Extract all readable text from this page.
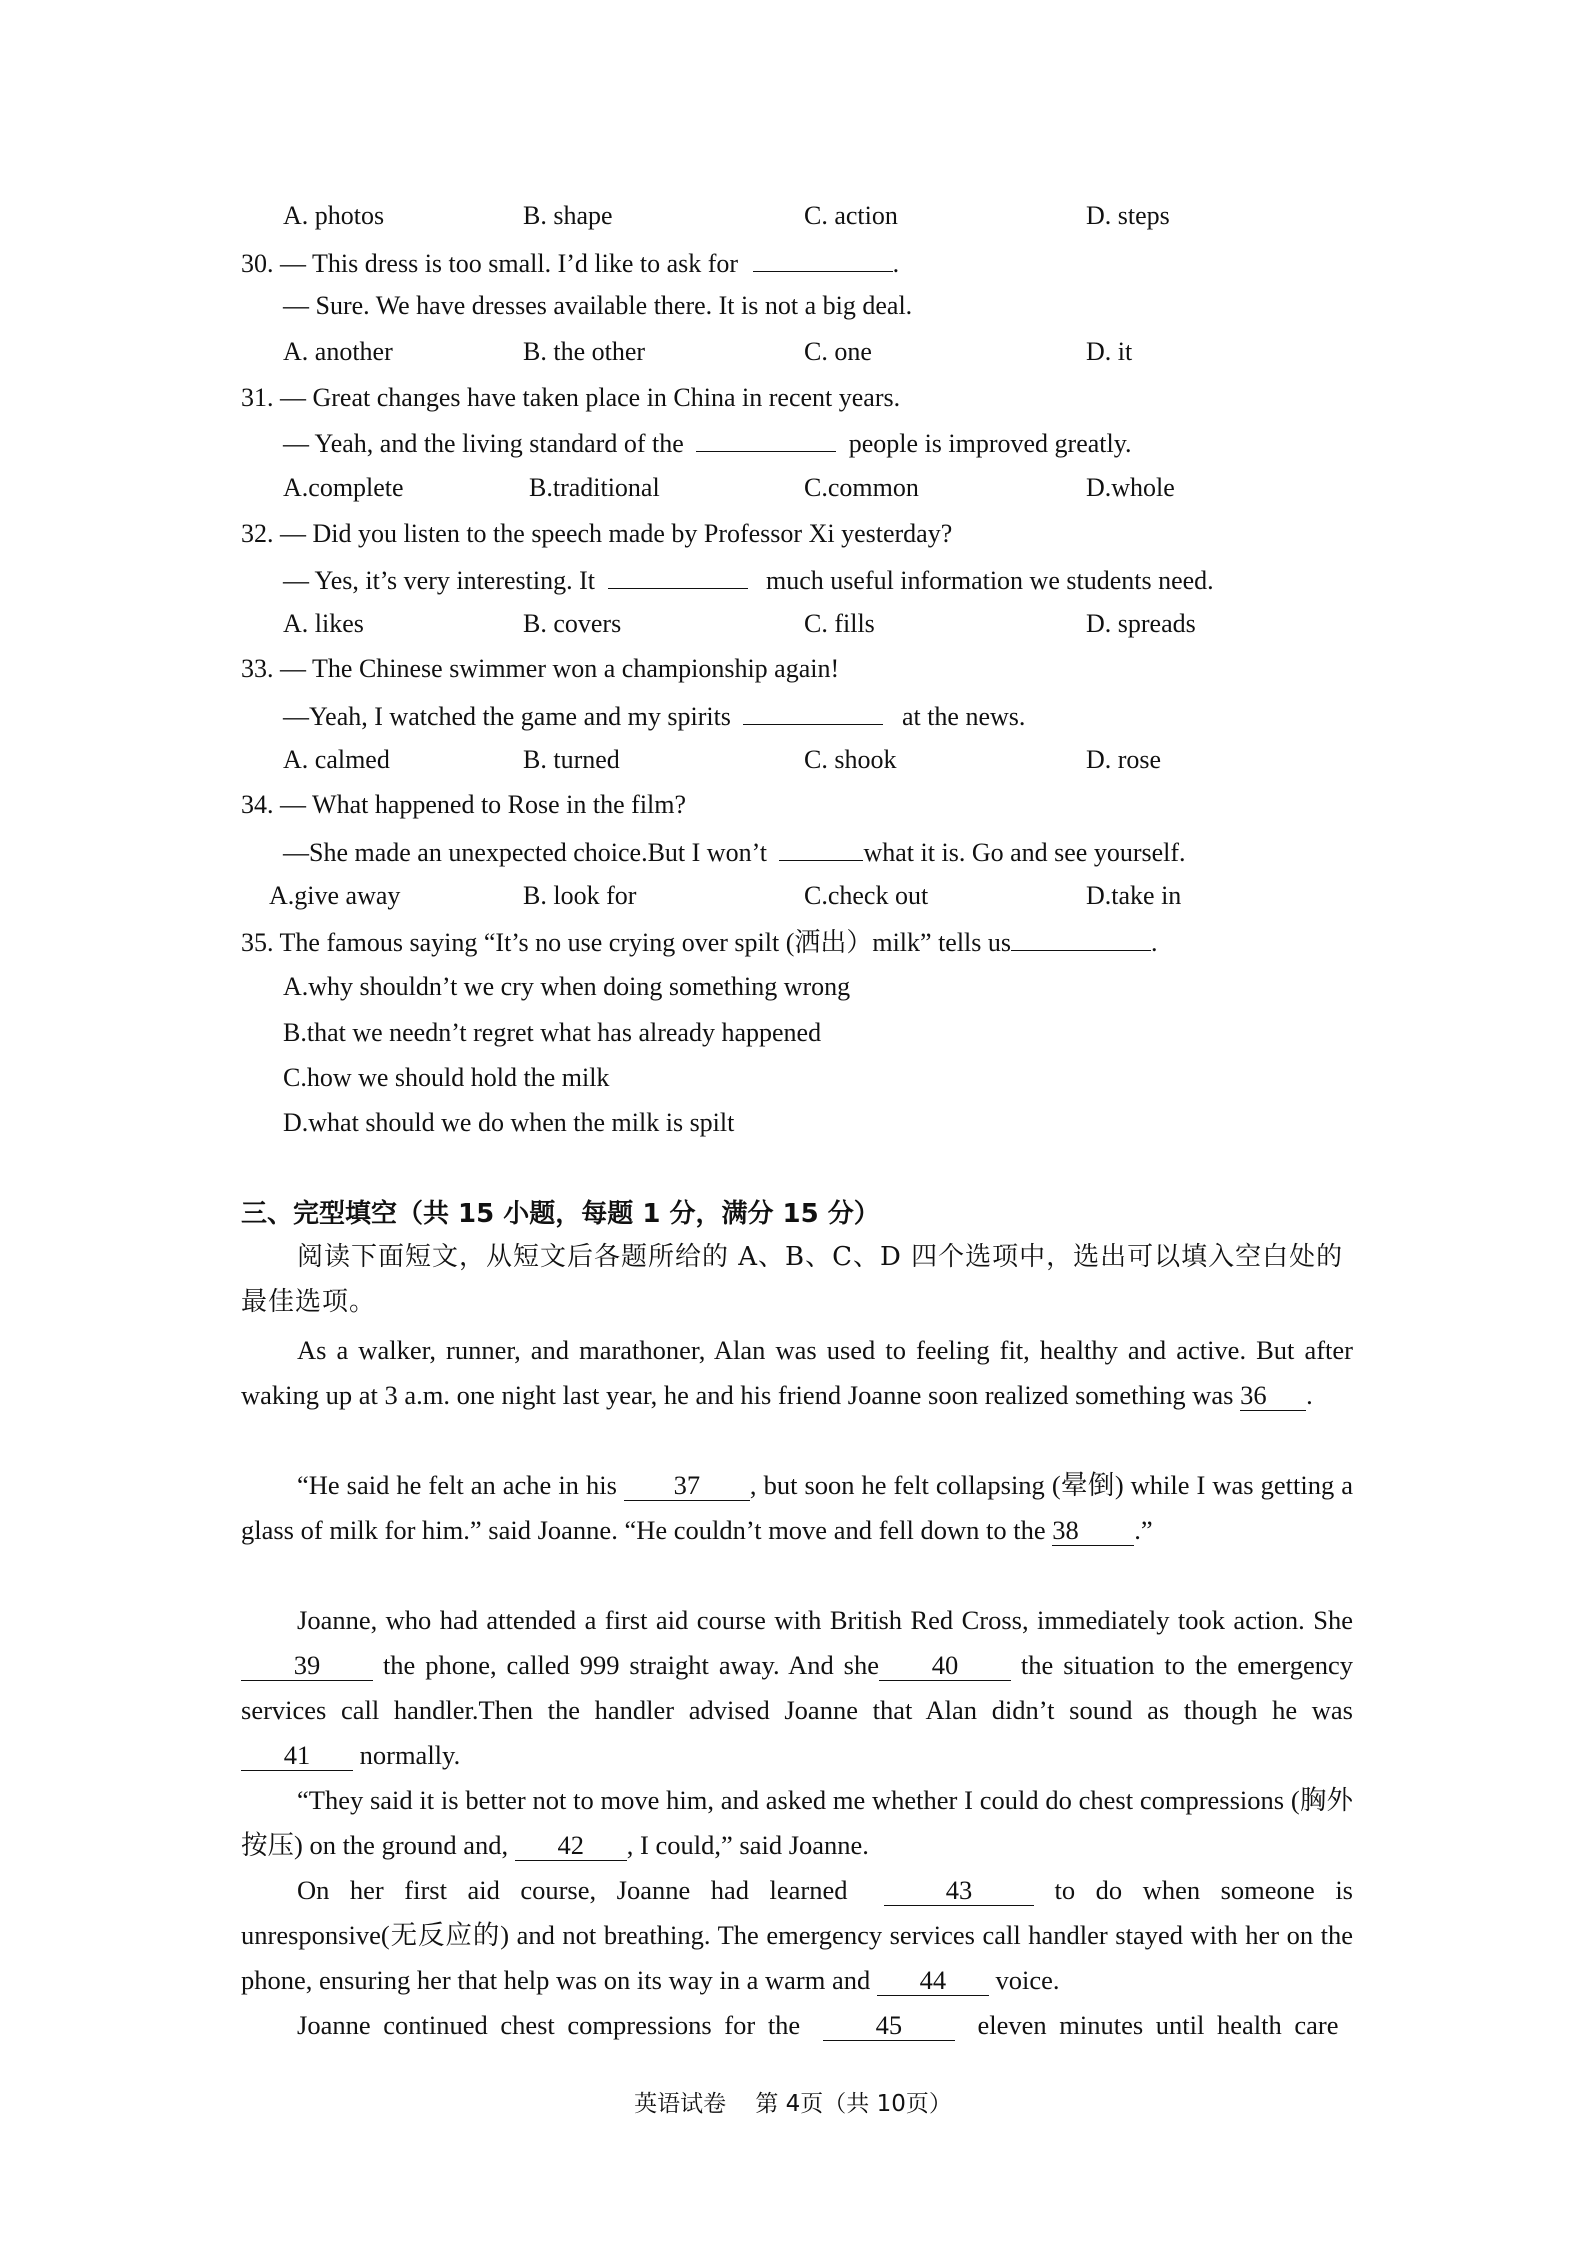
A. photos	B. shape	C. action	D. steps
30. — This dress is too small. I’d like to ask for	.
— Sure. We have dresses available there. It is not a big deal.
A. another	B. the other	C. one	D. it
31. — Great changes have taken place in China in recent years.
— Yeah, and the living standard of the	people is improved greatly.
A.complete	B.traditional	C.common	D.whole
32. — Did you listen to the speech made by Professor Xi yesterday?
— Yes, it’s very interesting. It	much useful information we students need.
A. likes	B. covers	C. fills	D. spreads
33. — The Chinese swimmer won a championship again!
—Yeah, I watched the game and my spirits	at the news.
A. calmed	B. turned	C. shook	D. rose
34. — What happened to Rose in the film?
—She made an unexpected choice.But I won’t	what it is. Go and see yourself.
A.give away	B. look for	C.check out	D.take in
35. The famous saying “It’s no use crying over spilt (洒出）milk” tells us	.
A.why shouldn’t we cry when doing something wrong
B.that we needn’t regret what has already happened
C.how we should hold the milk
D.what should we do when the milk is spilt
三、完型填空（共 15 小题，每题 1 分，满分 15 分）
阅读下面短文，从短文后各题所给的 A、B、C、D 四个选项中，选出可以填入空白处的
最佳选项。
As a walker, runner, and marathoner, Alan was used to feeling fit, healthy and active. But after waking up at 3 a.m. one night last year, he and his friend Joanne soon realized something was 36 .
“He said he felt an ache in his 37 , but soon he felt collapsing (晕倒) while I was getting a glass of milk for him.” said Joanne. “He couldn’t move and fell down to the 38 .”
Joanne, who had attended a first aid course with British Red Cross, immediately took action. She 39 the phone, called 999 straight away. And she 40 the situation to the emergency services call handler.Then the handler advised Joanne that Alan didn’t sound as though he was 41 normally.
“They said it is better not to move him, and asked me whether I could do chest compressions (胸外按压) on the ground and, 42 , I could,” said Joanne.
On her first aid course, Joanne had learned	43	to do when someone is unresponsive(无反应的) and not breathing. The emergency services call handler stayed with her on the phone, ensuring her that help was on its way in a warm and 44 voice.
Joanne continued chest compressions for the	45	eleven minutes until health care
英语试卷    第 4页（共 10页）
